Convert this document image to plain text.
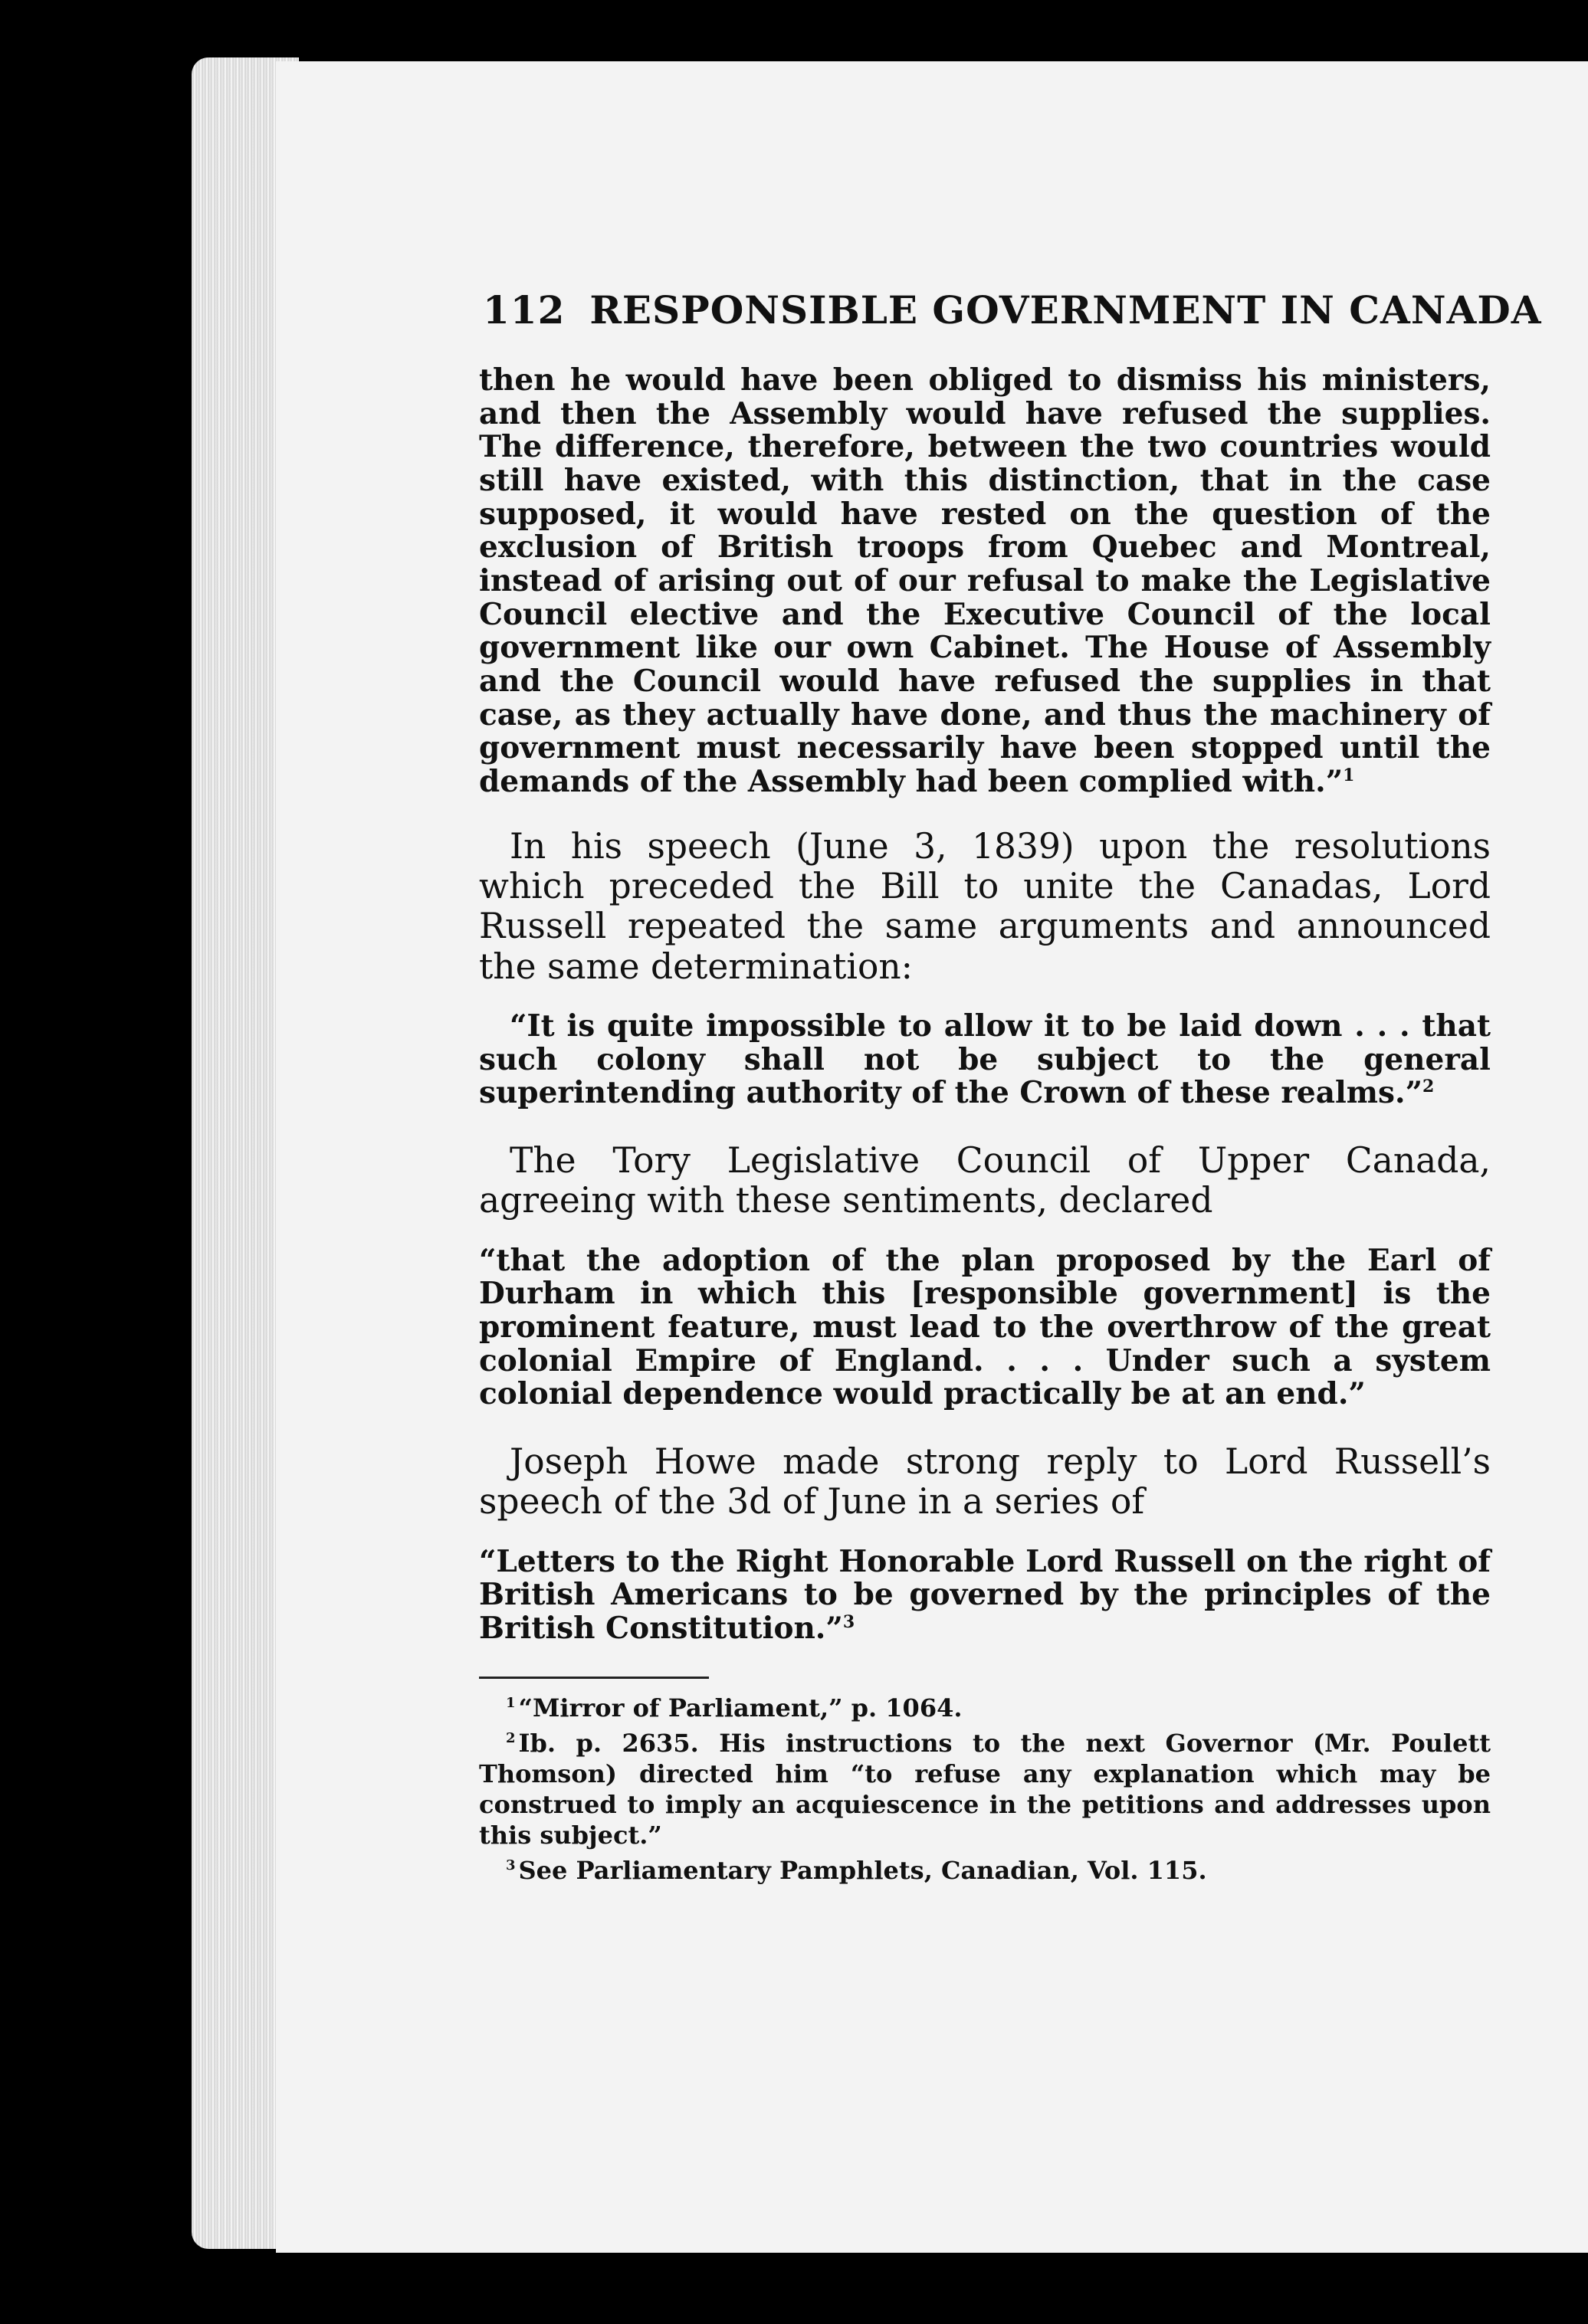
112 RESPONSIBLE GOVERNMENT IN CANADA

then he would have been obliged to dismiss his ministers, and then the Assembly would have refused the supplies. The difference, therefore, between the two countries would still have existed, with this distinction, that in the case supposed, it would have rested on the question of the exclusion of British troops from Quebec and Montreal, instead of arising out of our refusal to make the Legislative Council elective and the Executive Council of the local government like our own Cabinet. The House of Assembly and the Council would have refused the supplies in that case, as they actually have done, and thus the machinery of government must necessarily have been stopped until the demands of the Assembly had been complied with.”$^1$

In his speech (June 3, 1839) upon the resolutions which preceded the Bill to unite the Canadas, Lord Russell repeated the same arguments and announced the same determination:

“It is quite impossible to allow it to be laid down . . . that such colony shall not be subject to the general superintending authority of the Crown of these realms.”$^2$

The Tory Legislative Council of Upper Canada, agreeing with these sentiments, declared

“that the adoption of the plan proposed by the Earl of Durham in which this [responsible government] is the prominent feature, must lead to the overthrow of the great colonial Empire of England. . . . Under such a system colonial dependence would practically be at an end.”

Joseph Howe made strong reply to Lord Russell’s speech of the 3d of June in a series of

“Letters to the Right Honorable Lord Russell on the right of British Americans to be governed by the principles of the British Constitution.”$^3$

$^1$ “Mirror of Parliament,” p. 1064.

$^2$ Ib. p. 2635. His instructions to the next Governor (Mr. Poulett Thomson) directed him “to refuse any explanation which may be construed to imply an acquiescence in the petitions and addresses upon this subject.”

$^3$ See Parliamentary Pamphlets, Canadian, Vol. 115.
